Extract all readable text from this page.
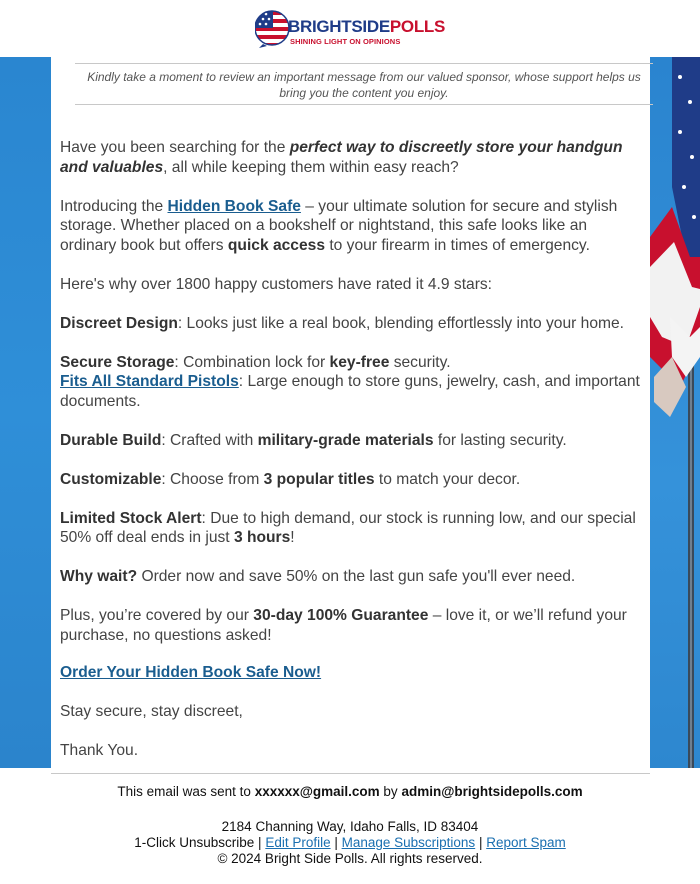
BRIGHTSIDEPOLLS
SHINING LIGHT ON OPINIONS
Kindly take a moment to review an important message from our valued sponsor, whose support helps us bring you the content you enjoy.

Have you been searching for the perfect way to discreetly store your handgun and valuables, all while keeping them within easy reach?

Introducing the Hidden Book Safe – your ultimate solution for secure and stylish storage. Whether placed on a bookshelf or nightstand, this safe looks like an ordinary book but offers quick access to your firearm in times of emergency.

Here's why over 1800 happy customers have rated it 4.9 stars:

Discreet Design: Looks just like a real book, blending effortlessly into your home.

Secure Storage: Combination lock for key-free security.

Fits All Standard Pistols: Large enough to store guns, jewelry, cash, and important documents.

Durable Build: Crafted with military-grade materials for lasting security.

Customizable: Choose from 3 popular titles to match your decor.

Limited Stock Alert: Due to high demand, our stock is running low, and our special 50% off deal ends in just 3 hours!

Why wait? Order now and save 50% on the last gun safe you'll ever need.

Plus, you’re covered by our 30-day 100% Guarantee – love it, or we’ll refund your purchase, no questions asked!

Order Your Hidden Book Safe Now!

Stay secure, stay discreet,

Thank You.

This email was sent to xxxxxx@gmail.com by admin@brightsidepolls.com
2184 Channing Way, Idaho Falls, ID 83404
1-Click Unsubscribe | Edit Profile | Manage Subscriptions | Report Spam
© 2024 Bright Side Polls. All rights reserved.
